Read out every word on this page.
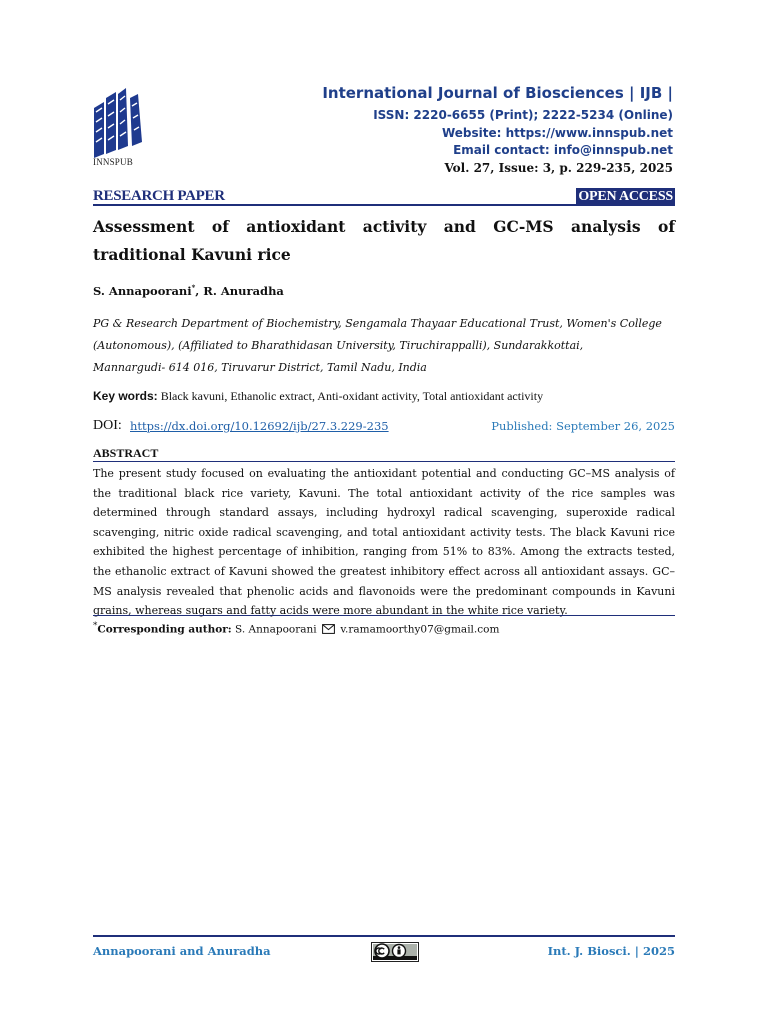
INNSPUB
International Journal of Biosciences | IJB |
ISSN: 2220-6655 (Print); 2222-5234 (Online)
Website: https://www.innspub.net
Email contact: info@innspub.net
Vol. 27, Issue: 3, p. 229-235, 2025
RESEARCH PAPER	OPEN ACCESS
Assessment of antioxidant activity and GC-MS analysis of traditional Kavuni rice
S. Annapoorani*, R. Anuradha
PG & Research Department of Biochemistry, Sengamala Thayaar Educational Trust, Women's College
(Autonomous), (Affiliated to Bharathidasan University, Tiruchirappalli), Sundarakkottai,
Mannargudi- 614 016, Tiruvarur District, Tamil Nadu, India
Key words: Black kavuni, Ethanolic extract, Anti-oxidant activity, Total antioxidant activity
DOI: https://dx.doi.org/10.12692/ijb/27.3.229-235	Published: September 26, 2025
ABSTRACT
The present study focused on evaluating the antioxidant potential and conducting GC–MS analysis of the traditional black rice variety, Kavuni. The total antioxidant activity of the rice samples was determined through standard assays, including hydroxyl radical scavenging, superoxide radical scavenging, nitric oxide radical scavenging, and total antioxidant activity tests. The black Kavuni rice exhibited the highest percentage of inhibition, ranging from 51% to 83%. Among the extracts tested, the ethanolic extract of Kavuni showed the greatest inhibitory effect across all antioxidant assays. GC–MS analysis revealed that phenolic acids and flavonoids were the predominant compounds in Kavuni grains, whereas sugars and fatty acids were more abundant in the white rice variety.
*Corresponding author: S. Annapoorani v.ramamoorthy07@gmail.com
Annapoorani and Anuradha	Int. J. Biosci. | 2025
